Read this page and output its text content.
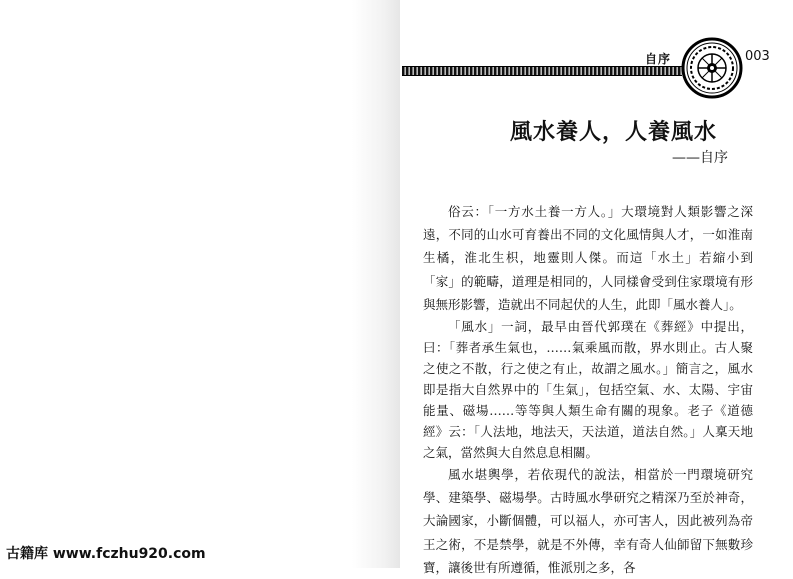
自序	003
風水養人，人養風水
——自序

俗云：「一方水土養一方人。」大環境對人類影響之深遠，不同的山水可育養出不同的文化風情與人才，一如淮南生橘，淮北生枳，地靈則人傑。而這「水土」若縮小到「家」的範疇，道理是相同的，人同樣會受到住家環境有形與無形影響，造就出不同起伏的人生，此即「風水養人」。

「風水」一詞，最早由晉代郭璞在《葬經》中提出，曰：「葬者承生氣也，……氣乘風而散，界水則止。古人聚之使之不散，行之使之有止，故謂之風水。」簡言之，風水即是指大自然界中的「生氣」，包括空氣、水、太陽、宇宙能量、磁場……等等與人類生命有關的現象。老子《道德經》云：「人法地，地法天，天法道，道法自然。」人稟天地之氣，當然與大自然息息相關。

風水堪輿學，若依現代的說法，相當於一門環境研究學、建築學、磁場學。古時風水學研究之精深乃至於神奇，大論國家，小斷個體，可以福人，亦可害人，因此被列為帝王之術，不是禁學，就是不外傳，幸有奇人仙師留下無數珍寶，讓後世有所遵循，惟派別之多，各

古籍库 www.fczhu920.com
